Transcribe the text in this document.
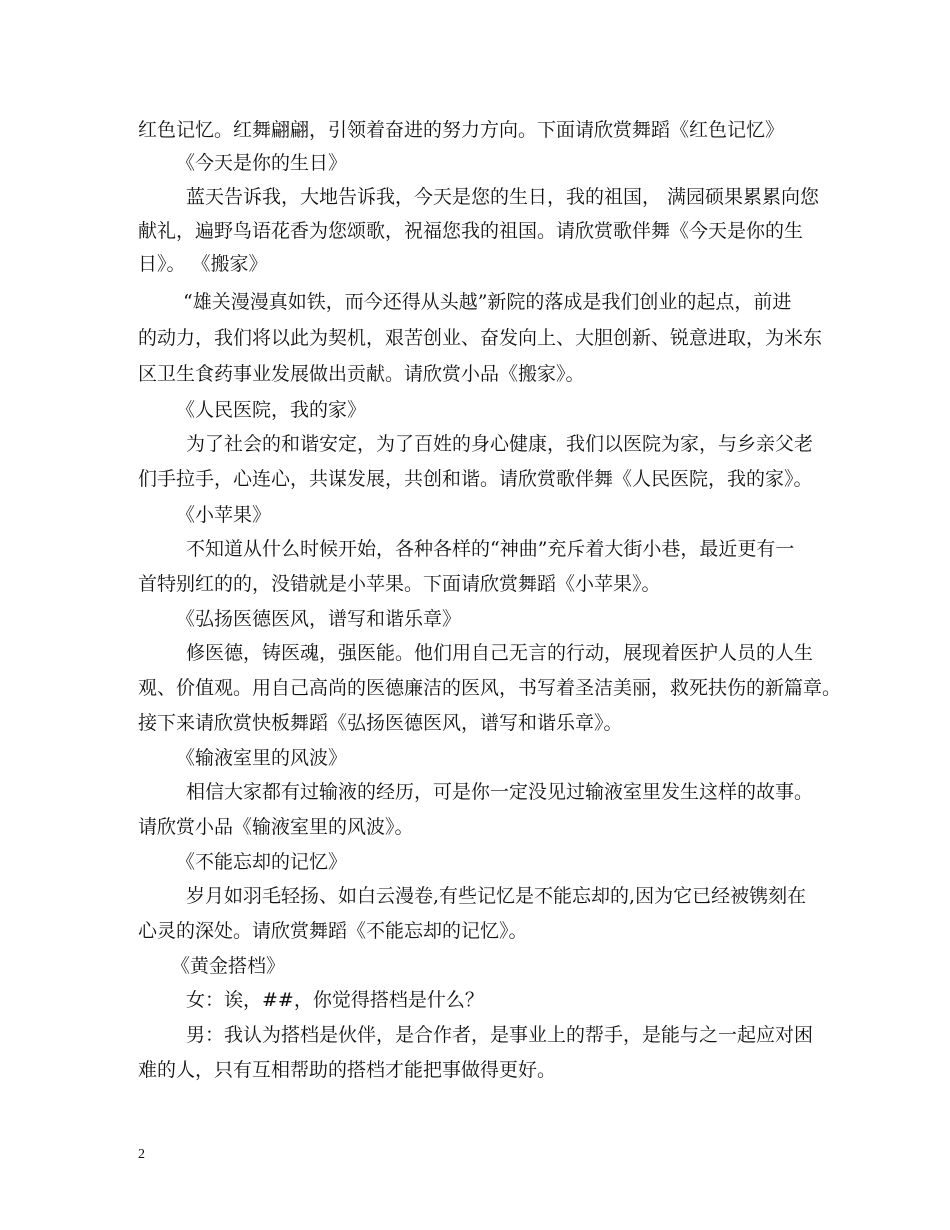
红色记忆。红舞翩翩，引领着奋进的努力方向。下面请欣赏舞蹈《红色记忆》
《今天是你的生日》
蓝天告诉我，大地告诉我，今天是您的生日，我的祖国， 满园硕果累累向您
献礼，遍野鸟语花香为您颂歌，祝福您我的祖国。请欣赏歌伴舞《今天是你的生
日》。 《搬家》
“雄关漫漫真如铁，而今还得从头越”新院的落成是我们创业的起点，前进
的动力，我们将以此为契机，艰苦创业、奋发向上、大胆创新、锐意进取，为米东
区卫生食药事业发展做出贡献。请欣赏小品《搬家》。
《人民医院，我的家》
为了社会的和谐安定，为了百姓的身心健康，我们以医院为家，与乡亲父老
们手拉手，心连心，共谋发展，共创和谐。请欣赏歌伴舞《人民医院，我的家》。
《小苹果》
不知道从什么时候开始，各种各样的“神曲”充斥着大街小巷，最近更有一
首特别红的的，没错就是小苹果。下面请欣赏舞蹈《小苹果》。
《弘扬医德医风，谱写和谐乐章》
修医德，铸医魂，强医能。他们用自己无言的行动，展现着医护人员的人生
观、价值观。用自己高尚的医德廉洁的医风，书写着圣洁美丽，救死扶伤的新篇章。
接下来请欣赏快板舞蹈《弘扬医德医风，谱写和谐乐章》。
《输液室里的风波》
相信大家都有过输液的经历，可是你一定没见过输液室里发生这样的故事。
请欣赏小品《输液室里的风波》。
《不能忘却的记忆》
岁月如羽毛轻扬、如白云漫卷,有些记忆是不能忘却的,因为它已经被镌刻在
心灵的深处。请欣赏舞蹈《不能忘却的记忆》。
《黄金搭档》
女：诶，##，你觉得搭档是什么？
男：我认为搭档是伙伴，是合作者，是事业上的帮手，是能与之一起应对困
难的人，只有互相帮助的搭档才能把事做得更好。
2
